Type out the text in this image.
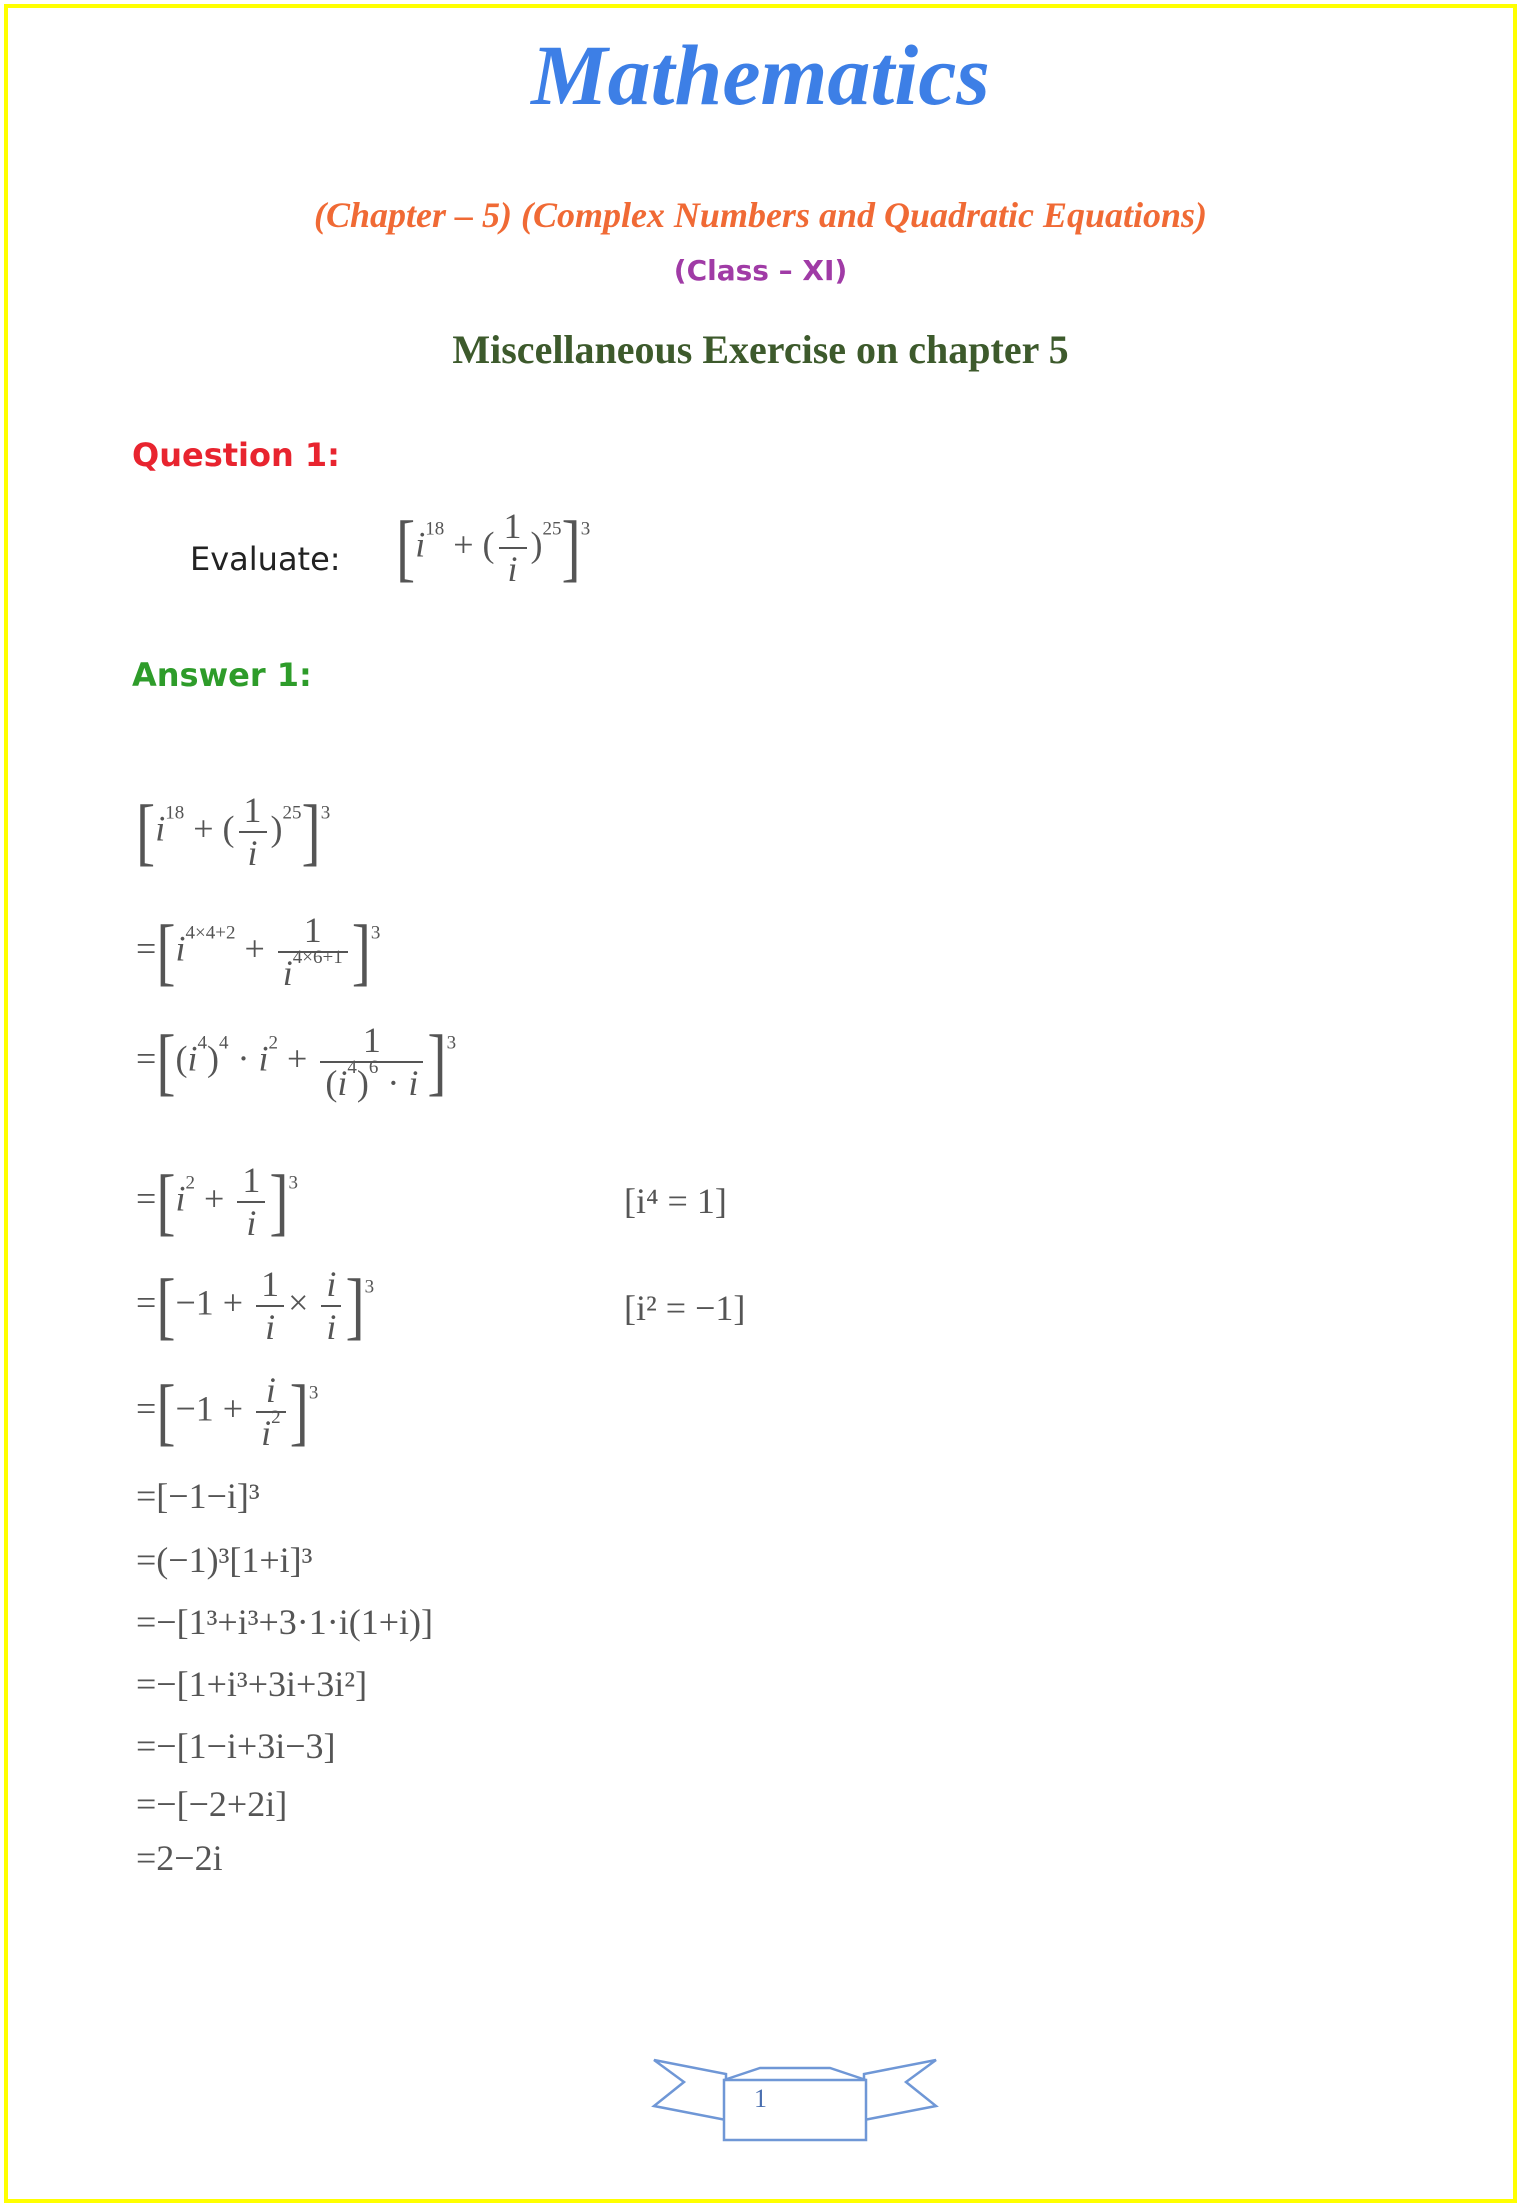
Mathematics
(Chapter – 5) (Complex Numbers and Quadratic Equations)
(Class – XI)
Miscellaneous Exercise on chapter 5
Question 1:
Evaluate: [$i^{18}$ + ( $\frac{1}{i} )^{25}]^3$
Answer 1:
[$i^{18}$ + ( $\frac{1}{i} )^{25}]^3$
$=[i^{4\times 4+2} + \frac{1}{i^{4\times 6+1}} ]^3$
$=[(i^4)^4 \cdot i^2 + \frac{1}{(i^4)^6 \cdot i} ]^3$
$=[i^2 + \frac{1}{i} ]^3$	[i⁴ = 1]
$=[-1 + \frac{1}{i} \times \frac{i}{i} ]^3$
[i² = −1]
$=[-1 + \frac{i}{i^2} ]^3$
=[−1−i]³
=(−1)³[1+i]³
=−[1³+i³+3·1·i(1+i)]
=−[1+i³+3i+3i²]
=−[1−i+3i−3]
=−[−2+2i]
=2−2i
1
